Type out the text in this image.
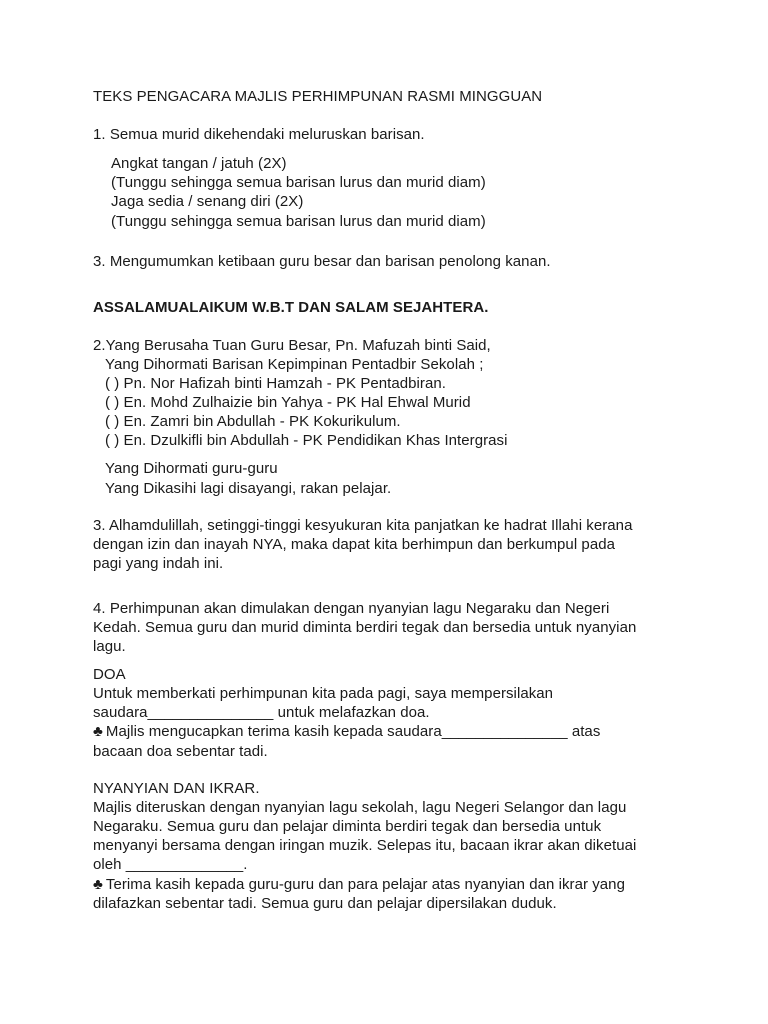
TEKS PENGACARA MAJLIS PERHIMPUNAN RASMI MINGGUAN
1. Semua murid dikehendaki meluruskan barisan.
Angkat tangan / jatuh (2X)
(Tunggu sehingga semua barisan lurus dan murid diam)
Jaga sedia / senang diri (2X)
(Tunggu sehingga semua barisan lurus dan murid diam)
3. Mengumumkan ketibaan guru besar dan barisan penolong kanan.
ASSALAMUALAIKUM W.B.T DAN SALAM SEJAHTERA.
2.Yang Berusaha Tuan Guru Besar, Pn. Mafuzah binti Said,
Yang Dihormati Barisan Kepimpinan Pentadbir Sekolah ;
( ) Pn. Nor Hafizah binti Hamzah - PK Pentadbiran.
( ) En. Mohd Zulhaizie bin Yahya - PK Hal Ehwal Murid
( ) En. Zamri bin Abdullah - PK Kokurikulum.
( ) En. Dzulkifli bin Abdullah - PK Pendidikan Khas Intergrasi
Yang Dihormati guru-guru
Yang Dikasihi lagi disayangi, rakan pelajar.
3. Alhamdulillah, setinggi-tinggi kesyukuran kita panjatkan ke hadrat Illahi kerana
dengan izin dan inayah NYA, maka dapat kita berhimpun dan berkumpul pada
pagi yang indah ini.
4. Perhimpunan akan dimulakan dengan nyanyian lagu Negaraku dan Negeri
Kedah. Semua guru dan murid diminta berdiri tegak dan bersedia untuk nyanyian
lagu.
DOA
Untuk memberkati perhimpunan kita pada pagi, saya mempersilakan
saudara_______________ untuk melafazkan doa.
♣ Majlis mengucapkan terima kasih kepada saudara_______________ atas
bacaan doa sebentar tadi.
NYANYIAN DAN IKRAR.
Majlis diteruskan dengan nyanyian lagu sekolah, lagu Negeri Selangor dan lagu
Negaraku. Semua guru dan pelajar diminta berdiri tegak dan bersedia untuk
menyanyi bersama dengan iringan muzik. Selepas itu, bacaan ikrar akan diketuai
oleh ______________.
♣ Terima kasih kepada guru-guru dan para pelajar atas nyanyian dan ikrar yang
dilafazkan sebentar tadi. Semua guru dan pelajar dipersilakan duduk.
